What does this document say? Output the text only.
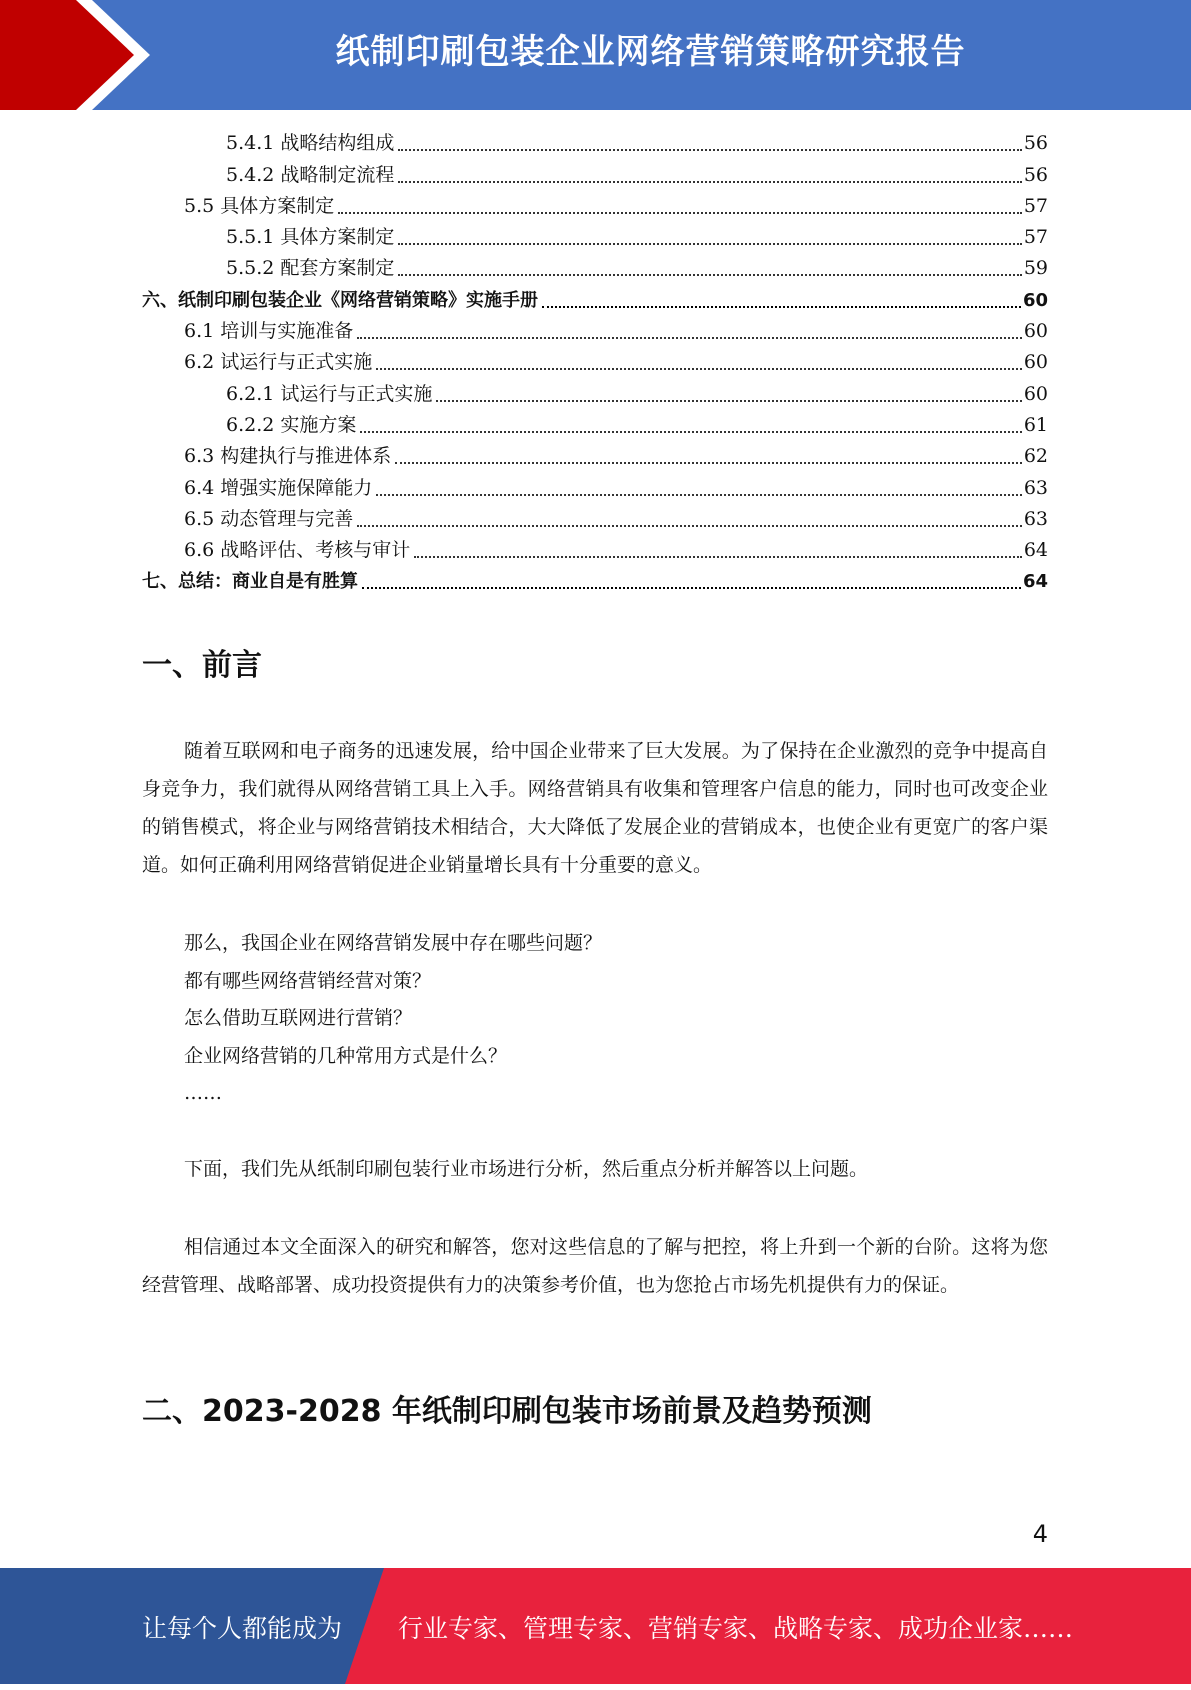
纸制印刷包装企业网络营销策略研究报告
5.4.1 战略结构组成	56
5.4.2 战略制定流程	56
5.5 具体方案制定	57
5.5.1 具体方案制定	57
5.5.2 配套方案制定	59
六、纸制印刷包装企业《网络营销策略》实施手册	60
6.1 培训与实施准备	60
6.2 试运行与正式实施	60
6.2.1 试运行与正式实施	60
6.2.2 实施方案	61
6.3 构建执行与推进体系	62
6.4 增强实施保障能力	63
6.5 动态管理与完善	63
6.6 战略评估、考核与审计	64
七、总结：商业自是有胜算	64
一、前言

随着互联网和电子商务的迅速发展，给中国企业带来了巨大发展。为了保持在企业激烈的竞争中提高自身竞争力，我们就得从网络营销工具上入手。网络营销具有收集和管理客户信息的能力，同时也可改变企业的销售模式，将企业与网络营销技术相结合，大大降低了发展企业的营销成本，也使企业有更宽广的客户渠道。如何正确利用网络营销促进企业销量增长具有十分重要的意义。

那么，我国企业在网络营销发展中存在哪些问题？
都有哪些网络营销经营对策？
怎么借助互联网进行营销？
企业网络营销的几种常用方式是什么？
……

下面，我们先从纸制印刷包装行业市场进行分析，然后重点分析并解答以上问题。

相信通过本文全面深入的研究和解答，您对这些信息的了解与把控，将上升到一个新的台阶。这将为您经营管理、战略部署、成功投资提供有力的决策参考价值，也为您抢占市场先机提供有力的保证。

二、2023-2028 年纸制印刷包装市场前景及趋势预测
4
让每个人都能成为 行业专家、管理专家、营销专家、战略专家、成功企业家……
